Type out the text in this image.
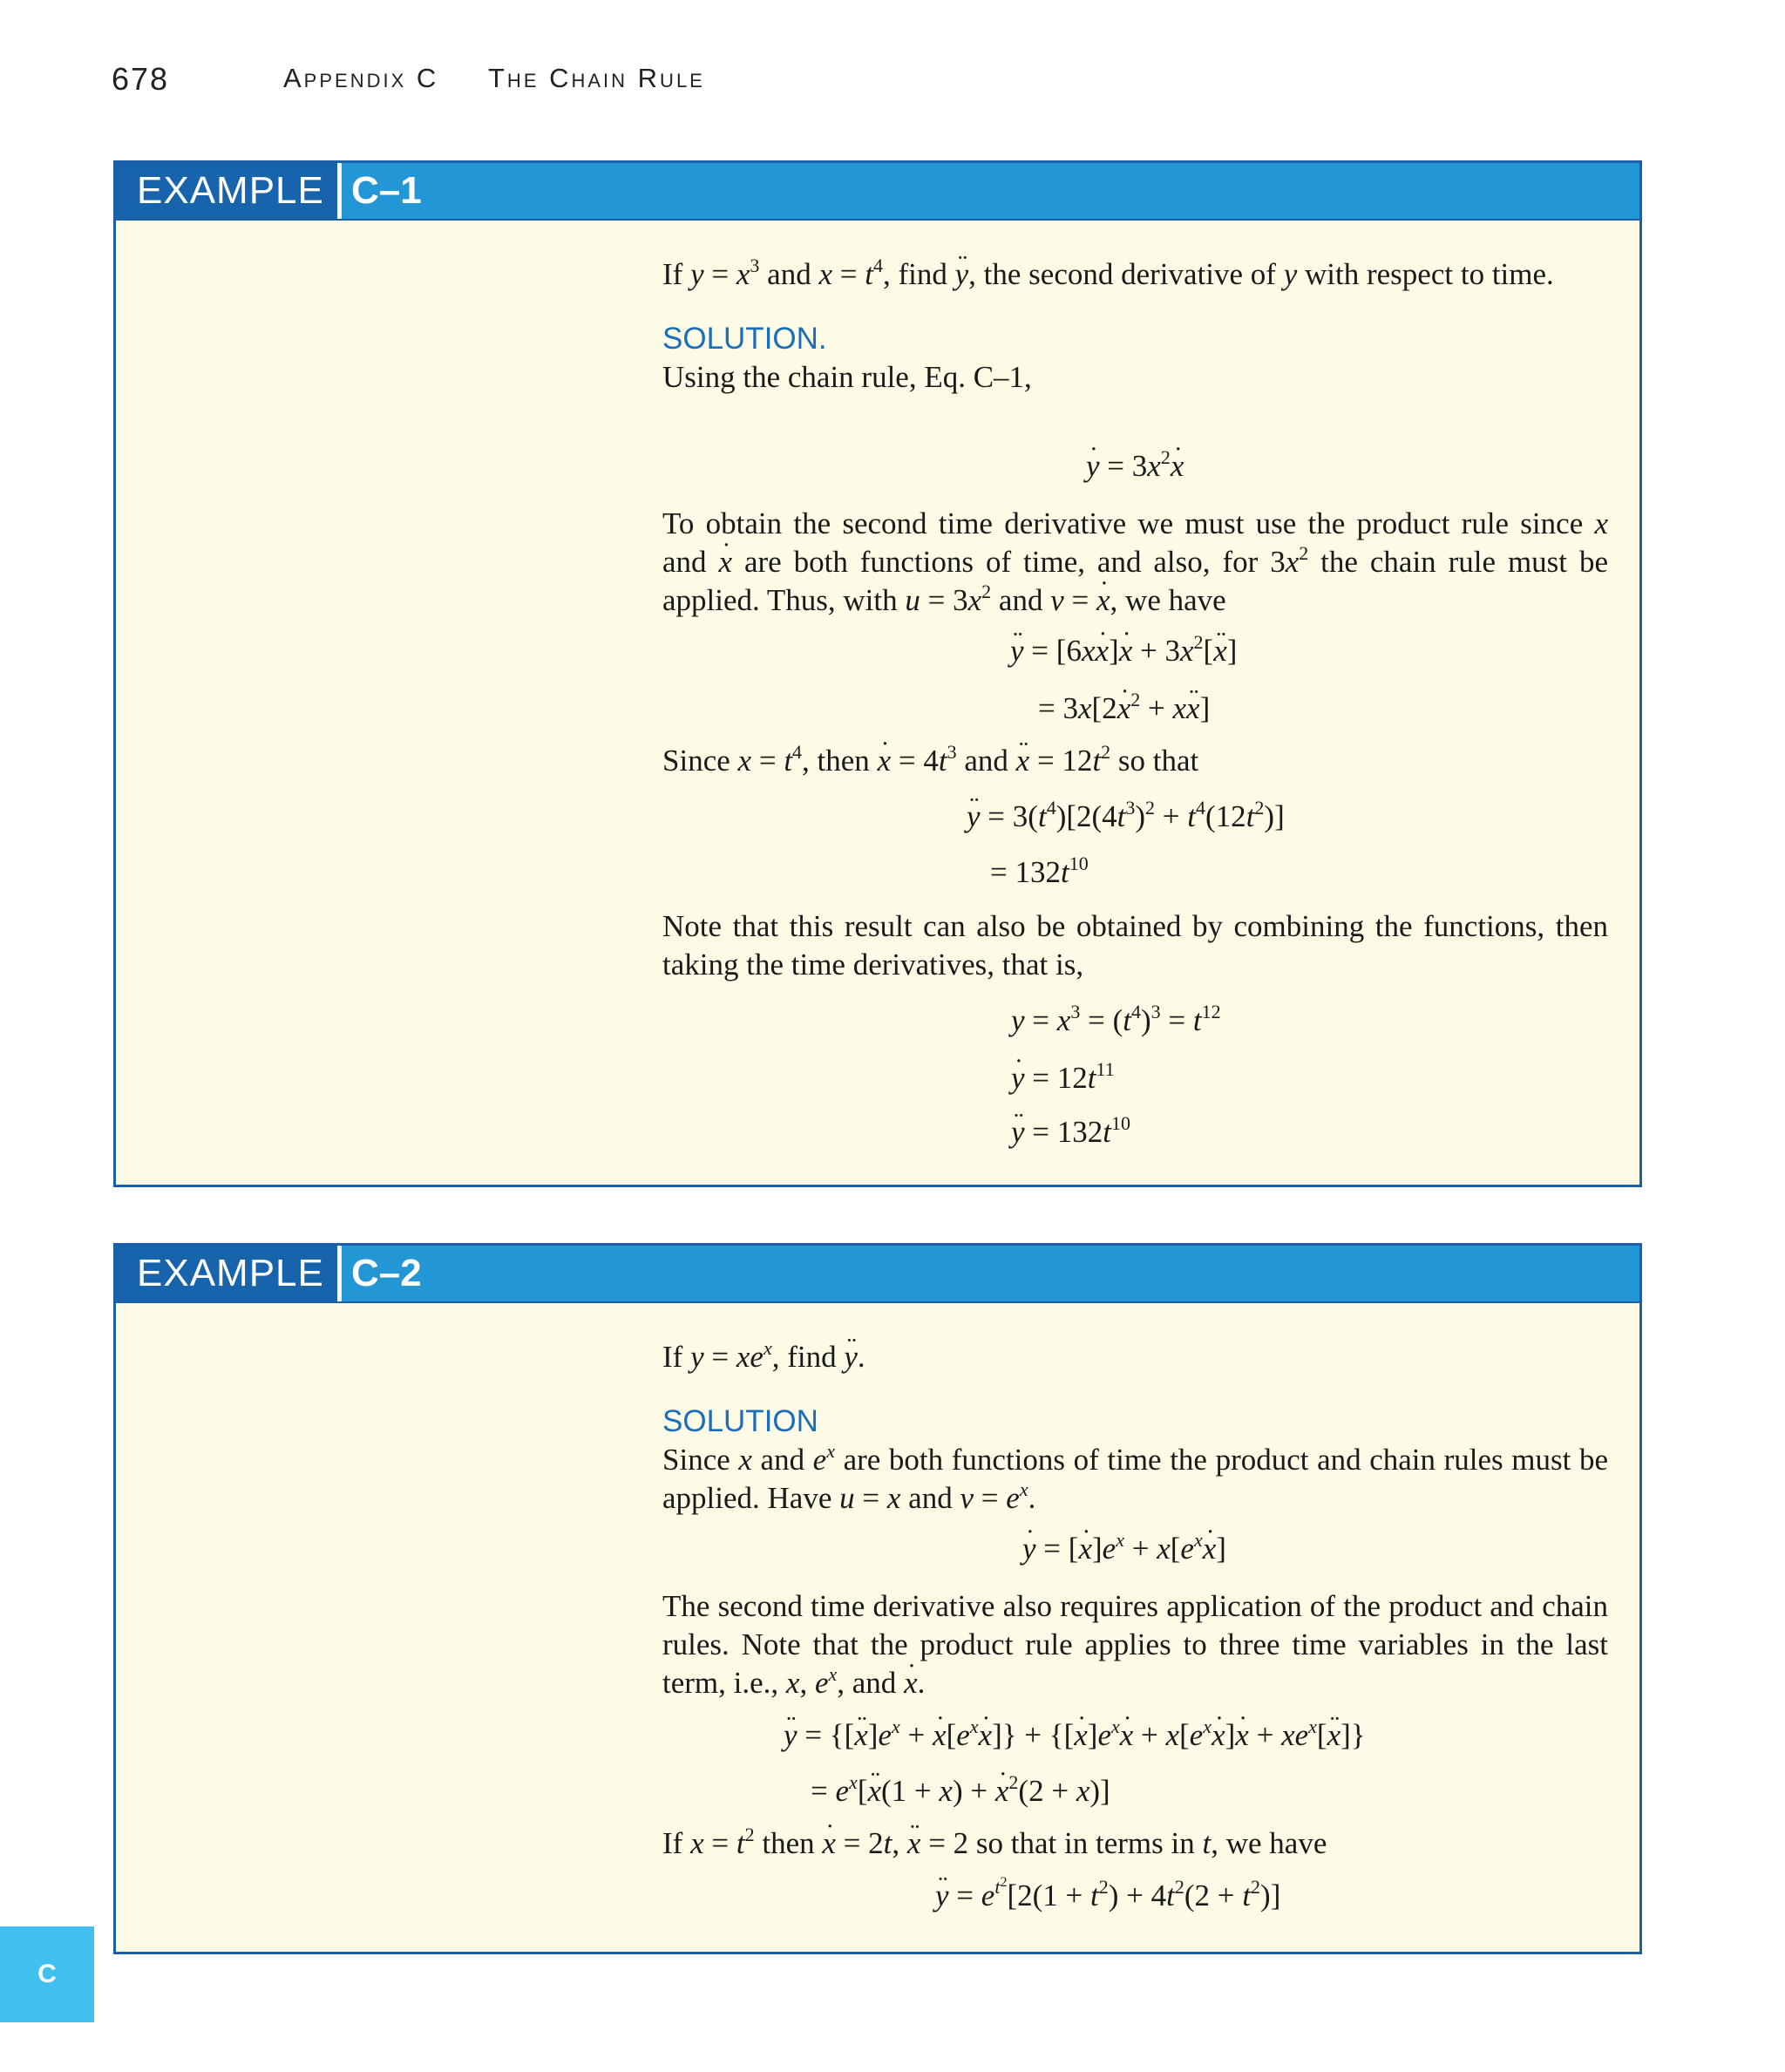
678	Appendix C The Chain Rule
EXAMPLE C–1

If $y = x^3$ and $x = t^4$, find y ¨, the second derivative of y with respect to time.

SOLUTION.

Using the chain rule, Eq. C–1,

y ˙ = $3x^2x$ ˙

To obtain the second time derivative we must use the product rule since x and x ˙ are both functions of time, and also, for $3x^2$ the chain rule must be applied. Thus, with $u = 3x^2$ and v = x ˙, we have

y ¨ = [6xx ˙]x ˙ + $3x^2[x$ ¨]
= 3x[2x ˙$^2$ + xx ¨]

Since $x = t^4$, then x ˙ = $4t^3$ and x ¨ = $12t^2$ so that

y ¨ = $3(t^4)[2(4t^3)^2 + t^4(12t^2)]$
= $132t^{10}$

Note that this result can also be obtained by combining the functions, then taking the time derivatives, that is,

$y = x^3 = (t^4)^3 = t^{12}$
y ˙ = $12t^{11}$
y ¨ = $132t^{10}$
EXAMPLE C–2

If $y = xe^x$, find y ¨.

SOLUTION

Since x and $e^x$ are both functions of time the product and chain rules must be applied. Have u = x and $v = e^x$.

y ˙ = [x $˙]e^x + x[e^xx$ ˙]

The second time derivative also requires application of the product and chain rules. Note that the product rule applies to three time variables in the last term, i.e., x, $e^x$, and x ˙.

y ¨ = {[x $¨]e^x + x$ $˙[e^xx$ ˙]} + {[x $˙]e^xx$ ˙ + $x[e^xx$ ˙]x ˙ + $xe^x[x$ ¨]}
= $e^x[x$ ¨(1 + x) + x ˙$^2$(2 + x)]

If $x = t^2$ then x ˙ = 2t, x ¨ = 2 so that in terms in t, we have

y ¨ = $e^{t^2}[2(1 + t^2) + 4t^2(2 + t^2)]$
C
